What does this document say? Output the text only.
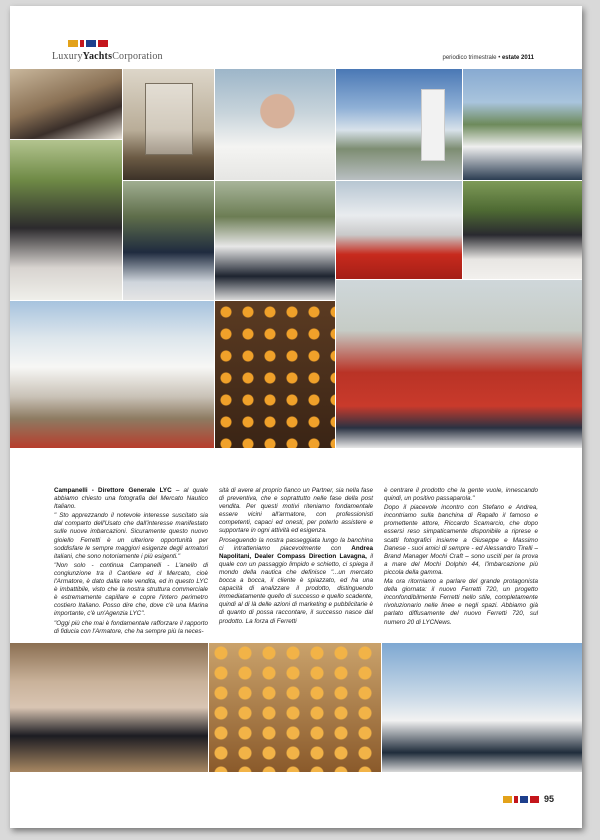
LuxuryYachtsCorporation	periodico trimestrale • estate 2011

Campanelli - Direttore Generale LYC – al quale abbiamo chiesto una fotografia del Mercato Nautico Italiano.

" Sto apprezzando il notevole interesse suscitato sia dal comparto dell'Usato che dall'interesse manifestato sulle nuove imbarcazioni. Sicuramente questo nuovo gioiello Ferretti è un ulteriore opportunità per soddisfare le sempre maggiori esigenze degli armatori italiani, che sono notoriamente i più esigenti."

"Non solo - continua Campanelli - L'anello di congiunzione tra il Cantiere ed il Mercato, cioè l'Armatore, è dato dalla rete vendita, ed in questo LYC è imbattibile, visto che la nostra struttura commerciale è estremamente capillare e copre l'intero perimetro costiero Italiano. Posso dire che, dove c'è una Marina importante, c'è un'Agenzia LYC".

"Oggi più che mai è fondamentale rafforzare il rapporto di fiducia con l'Armatore, che ha sempre più la neces-

sità di avere al proprio fianco un Partner, sia nella fase di preventiva, che e soprattutto nelle fase della post vendita. Per questi motivi riteniamo fondamentale essere vicini all'armatore, con professionisti competenti, capaci ed onesti, per poterlo assistere e supportare in ogni attività ed esigenza.

Proseguendo la nostra passeggiata lungo la banchina ci intratteniamo piacevolmente con Andrea Napolitani, Dealer Compass Direction Lavagna, il quale con un passaggio limpido e schietto, ci spiega il mondo della nautica che definisce "...un mercato bocca a bocca, il cliente è spiazzato, ed ha una capacità di analizzare il prodotto, distinguendo immediatamente quello di successo e quello scadente, quindi al di là delle azioni di marketing e pubblicitarie è di quanto di possa raccontare, il successo nasce dal prodotto. La forza di Ferretti

è centrare il prodotto che la gente vuole, innescando quindi, un positivo passaparola."

Dopo il piacevole incontro con Stefano e Andrea, incontriamo sulla banchina di Rapallo il famoso e promettente attore, Riccardo Scamarcio, che dopo essersi reso simpaticamente disponibile a riprese e scatti fotografici insieme a Giuseppe e Massimo Danese - suoi amici di sempre - ed Alessandro Tirelli – Brand Manager Mochi Craft – sono usciti per la prova a mare del Mochi Dolphin 44, l'imbarcazione più piccola della gamma.

Ma ora ritorniamo a parlare del grande protagonista della giornata: il nuovo Ferretti 720, un progetto inconfondibilmente Ferretti nello stile, completamente rivoluzionario nelle linee e negli spazi. Abbiamo già parlato diffusamente del nuovo Ferretti 720, sul numero 20 di LYCNews.

95
